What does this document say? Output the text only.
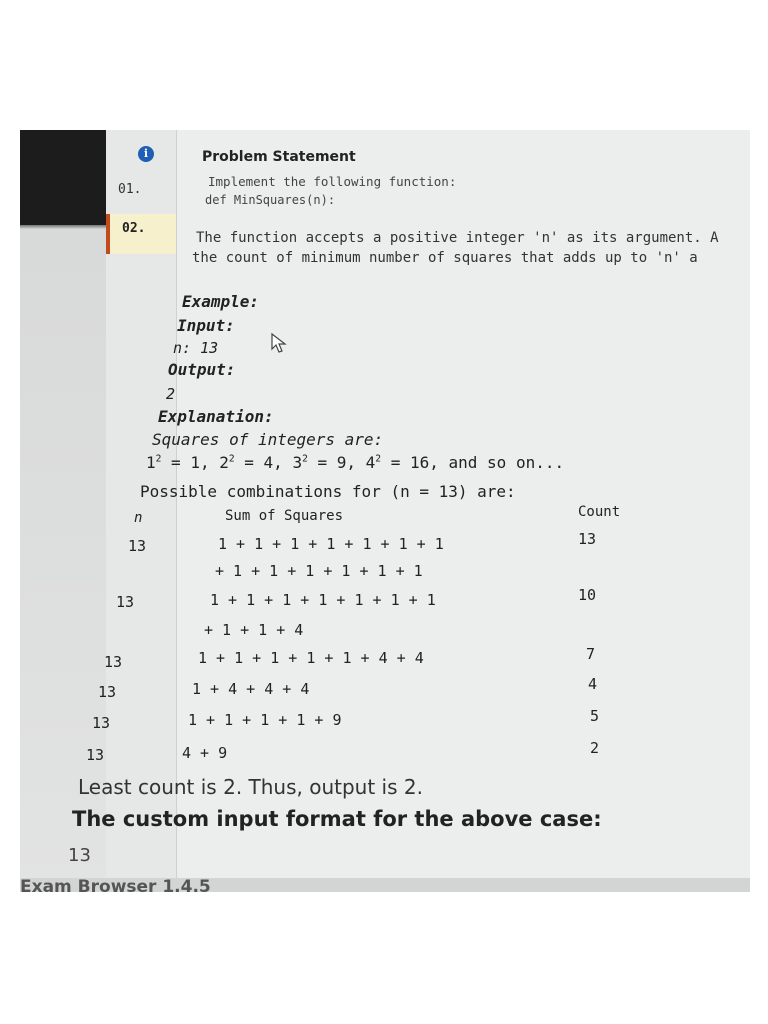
i
01.
02.
Problem Statement
Implement the following function:
def MinSquares(n):
The function accepts a positive integer 'n' as its argument. A
the count of minimum number of squares that adds up to 'n' a
Example:
Input:
n: 13
Output:
2
Explanation:
Squares of integers are:
$1^2 = 1$, $2^2 = 4$, $3^2 = 9$, $4^2 = 16$, and so on...
Possible combinations for (n = 13) are:
n	Sum of Squares	Count
13	1 + 1 + 1 + 1 + 1 + 1 + 1	13
+ 1 + 1 + 1 + 1 + 1 + 1
13	1 + 1 + 1 + 1 + 1 + 1 + 1	10
+ 1 + 1 + 4
13	1 + 1 + 1 + 1 + 1 + 4 + 4	7
13	1 + 4 + 4 + 4	4
13	1 + 1 + 1 + 1 + 9	5
13	4 + 9	2
Least count is 2. Thus, output is 2.
The custom input format for the above case:
13
Exam Browser 1.4.5
